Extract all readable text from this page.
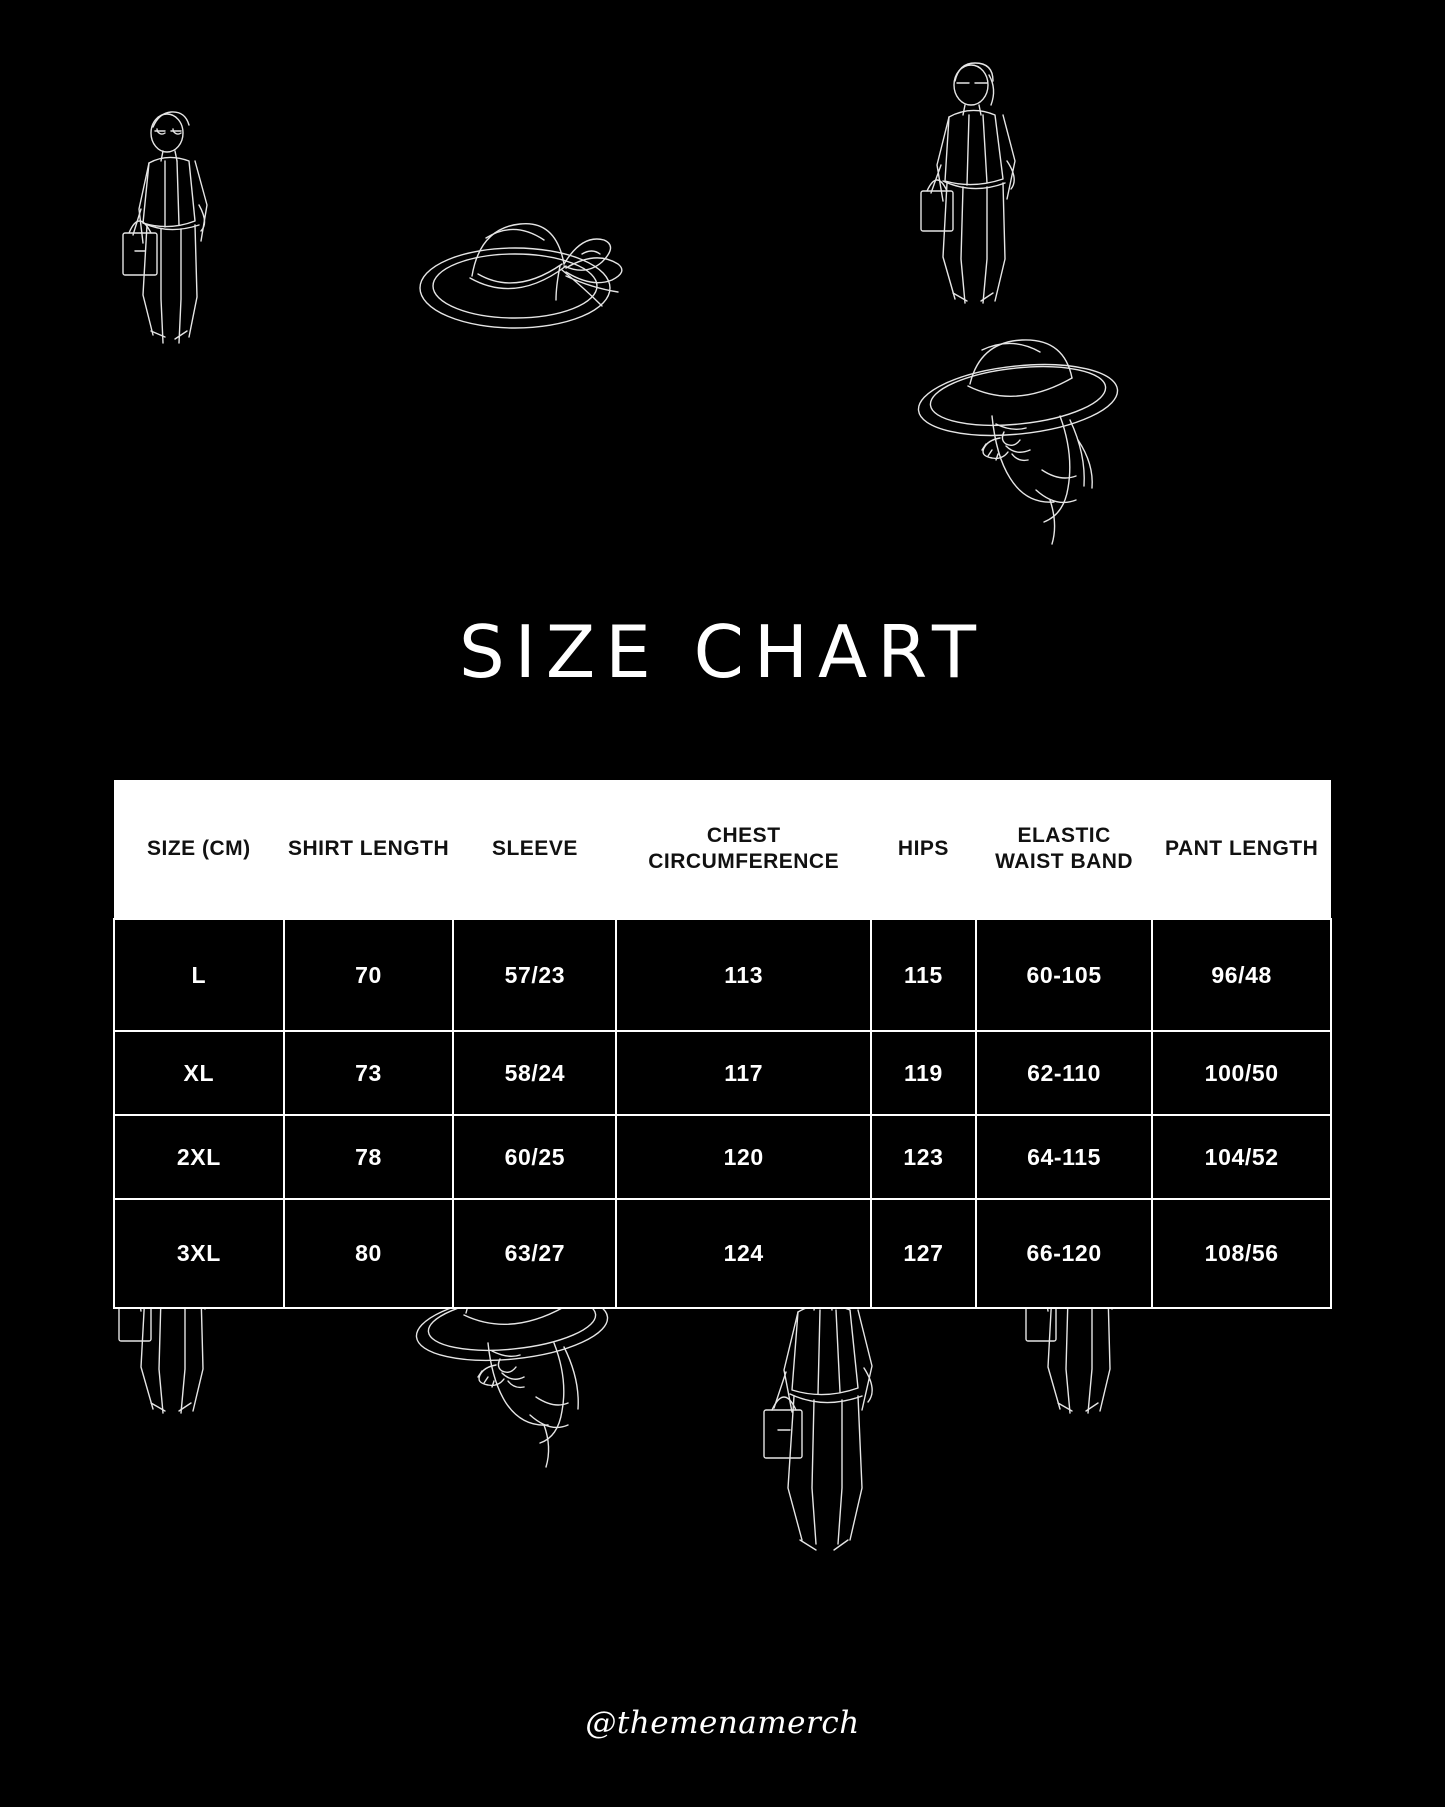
SIZE CHART
SIZE (CM)	SHIRT LENGTH	SLEEVE	CHEST CIRCUMFERENCE	HIPS	ELASTIC WAIST BAND	PANT LENGTH
L	70	57/23	113	115	60-105	96/48
XL	73	58/24	117	119	62-110	100/50
2XL	78	60/25	120	123	64-115	104/52
3XL	80	63/27	124	127	66-120	108/56
@themenamerch
